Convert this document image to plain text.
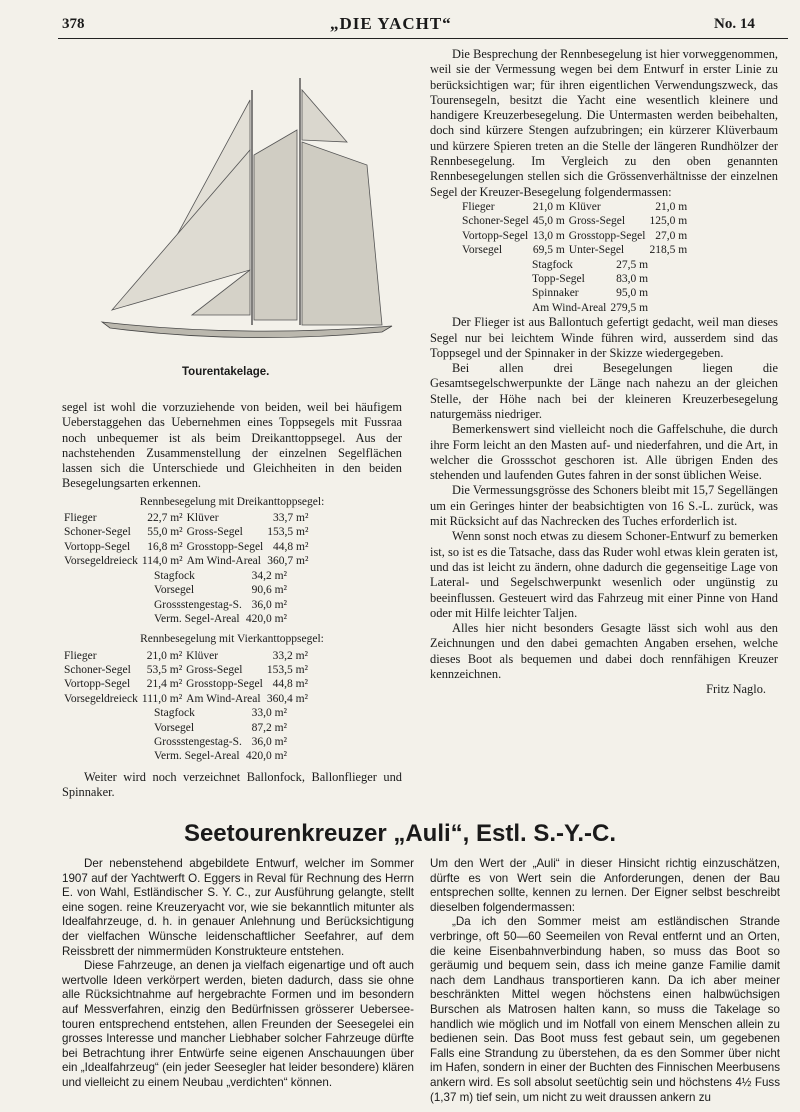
378	„DIE YACHT“	No. 14
Tourentakelage.

segel ist wohl die vorzuziehende von beiden, weil bei häufigem Ueberstaggehen das Uebernehmen eines Toppsegels mit Fussraa noch unbequemer ist als beim Dreikanttoppsegel. Aus der nachstehenden Zusammenstellung der einzelnen Segelflächen lassen sich die Unterschiede und Gleichheiten in den beiden Besegelungsarten erkennen.

Rennbesegelung mit Dreikanttoppsegel:
Flieger	22,7 m²	Klüver	33,7 m²
Schoner-Segel	55,0 m²	Gross-Segel	153,5 m²
Vortopp-Segel	16,8 m²	Grosstopp-Segel	44,8 m²
Vorsegeldreieck	114,0 m²	Am Wind-Areal	360,7 m²
Stagfock	34,2 m²
Vorsegel	90,6 m²
Grossstengestag-S.	36,0 m²
Verm. Segel-Areal	420,0 m²
Rennbesegelung mit Vierkanttoppsegel:
Flieger	21,0 m²	Klüver	33,2 m²
Schoner-Segel	53,5 m²	Gross-Segel	153,5 m²
Vortopp-Segel	21,4 m²	Grosstopp-Segel	44,8 m²
Vorsegeldreieck	111,0 m²	Am Wind-Areal	360,4 m²
Stagfock	33,0 m²
Vorsegel	87,2 m²
Grossstengestag-S.	36,0 m²
Verm. Segel-Areal	420,0 m²

Weiter wird noch verzeichnet Ballonfock, Ballonflieger und Spinnaker.

Die Besprechung der Rennbesegelung ist hier vorweggenommen, weil sie der Vermessung wegen bei dem Entwurf in erster Linie zu berücksichtigen war; für ihren eigentlichen Verwendungszweck, das Tourensegeln, besitzt die Yacht eine wesentlich kleinere und handigere Kreuzerbesegelung. Die Untermasten werden beibehalten, doch sind kürzere Stengen aufzubringen; ein kürzerer Klüverbaum und kürzere Spieren treten an die Stelle der längeren Rundhölzer der Rennbesegelung. Im Vergleich zu den oben genannten Rennbesegelungen stellen sich die Grössenverhältnisse der einzelnen Segel der Kreuzer-Besegelung folgendermassen:

Flieger	21,0 m	Klüver	21,0 m
Schoner-Segel	45,0 m	Gross-Segel	125,0 m
Vortopp-Segel	13,0 m	Grosstopp-Segel	27,0 m
Vorsegel	69,5 m	Unter-Segel	218,5 m
Stagfock	27,5 m
Topp-Segel	83,0 m
Spinnaker	95,0 m
Am Wind-Areal	279,5 m

Der Flieger ist aus Ballontuch gefertigt gedacht, weil man dieses Segel nur bei leichtem Winde führen wird, ausserdem sind das Toppsegel und der Spinnaker in der Skizze wiedergegeben.

Bei allen drei Besegelungen liegen die Gesamtsegelschwerpunkte der Länge nach nahezu an der gleichen Stelle, der Höhe nach bei der kleineren Kreuzerbesegelung naturgemäss niedriger.

Bemerkenswert sind vielleicht noch die Gaffelschuhe, die durch ihre Form leicht an den Masten auf- und niederfahren, und die Art, in welcher die Grossschot geschoren ist. Alle übrigen Enden des stehenden und laufenden Gutes fahren in der sonst üblichen Weise.

Die Vermessungsgrösse des Schoners bleibt mit 15,7 Segellängen um ein Geringes hinter der beabsichtigten von 16 S.-L. zurück, was mit Rücksicht auf das Nachrecken des Tuches erforderlich ist.

Wenn sonst noch etwas zu diesem Schoner-Entwurf zu bemerken ist, so ist es die Tatsache, dass das Ruder wohl etwas klein geraten ist, und das ist leicht zu ändern, ohne dadurch die gegenseitige Lage von Lateral- und Segelschwerpunkt wesenlich oder ungünstig zu beeinflussen. Gesteuert wird das Fahrzeug mit einer Pinne von Hand oder mit Hilfe leichter Taljen.

Alles hier nicht besonders Gesagte lässt sich wohl aus den Zeichnungen und den dabei gemachten Angaben ersehen, welche dieses Boot als bequemen und dabei doch rennfähigen Kreuzer kennzeichnen.

Fritz Naglo.
Seetourenkreuzer „Auli“, Estl. S.-Y.-C.

Der nebenstehend abgebildete Entwurf, welcher im Sommer 1907 auf der Yachtwerft O. Eggers in Reval für Rechnung des Herrn E. von Wahl, Estländischer S. Y. C., zur Ausführung gelangte, stellt eine sogen. reine Kreuzeryacht vor, wie sie bekanntlich mitunter als Idealfahrzeuge, d. h. in genauer Anlehnung und Berücksichtigung der vielfachen Wünsche leidenschaftlicher Seefahrer, auf dem Reissbrett der nimmermüden Konstrukteure entstehen.

Diese Fahrzeuge, an denen ja vielfach eigenartige und oft auch wertvolle Ideen verkörpert werden, bieten dadurch, dass sie ohne alle Rücksichtnahme auf hergebrachte Formen und im besondern auf Messverfahren, einzig den Bedürfnissen grösserer Ueberseetouren entsprechend entstehen, allen Freunden der Seesegelei ein grosses Interesse und mancher Liebhaber solcher Fahrzeuge dürfte bei Betrachtung ihrer Entwürfe seine eigenen Anschauungen über ein „Idealfahrzeug“ (ein jeder Seesegler hat leider besondere) klären und vielleicht zu einem Neubau „verdichten“ können.

Um den Wert der „Auli“ in dieser Hinsicht richtig einzuschätzen, dürfte es von Wert sein die Anforderungen, denen der Bau entsprechen sollte, kennen zu lernen. Der Eigner selbst beschreibt dieselben folgendermassen:

„Da ich den Sommer meist am estländischen Strande verbringe, oft 50—60 Seemeilen von Reval entfernt und an Orten, die keine Eisenbahnverbindung haben, so muss das Boot so geräumig und bequem sein, dass ich meine ganze Familie damit nach dem Landhaus transportieren kann. Da ich aber meiner beschränkten Mittel wegen höchstens einen halbwüchsigen Burschen als Matrosen halten kann, so muss die Takelage so handlich wie möglich und im Notfall von einem Menschen allein zu bedienen sein. Das Boot muss fest gebaut sein, um gegebenen Falls eine Strandung zu überstehen, da es den Sommer über nicht im Hafen, sondern in einer der Buchten des Finnischen Meerbusens ankern wird. Es soll absolut seetüchtig sein und höchstens 4½ Fuss (1,37 m) tief sein, um nicht zu weit draussen ankern zu
